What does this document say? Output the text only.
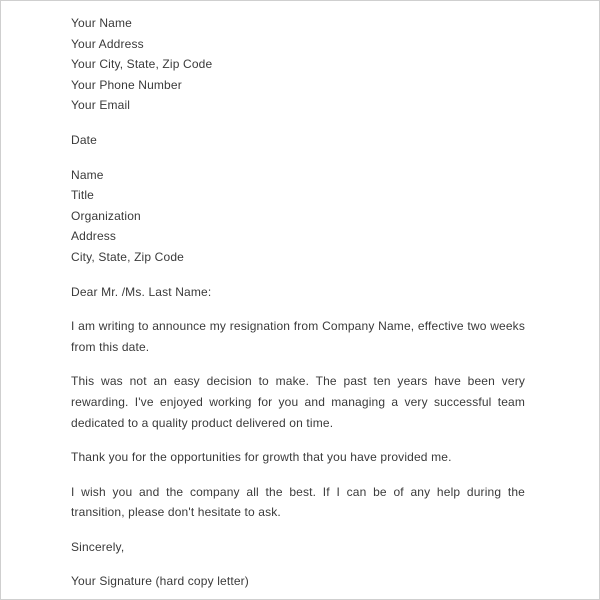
Your Name
Your Address
Your City, State, Zip Code
Your Phone Number
Your Email
Date
Name
Title
Organization
Address
City, State, Zip Code
Dear Mr. /Ms. Last Name:

I am writing to announce my resignation from Company Name, effective two weeks from this date.

This was not an easy decision to make. The past ten years have been very rewarding. I've enjoyed working for you and managing a very successful team dedicated to a quality product delivered on time.

Thank you for the opportunities for growth that you have provided me.

I wish you and the company all the best. If I can be of any help during the transition, please don't hesitate to ask.

Sincerely,
Your Signature (hard copy letter)
